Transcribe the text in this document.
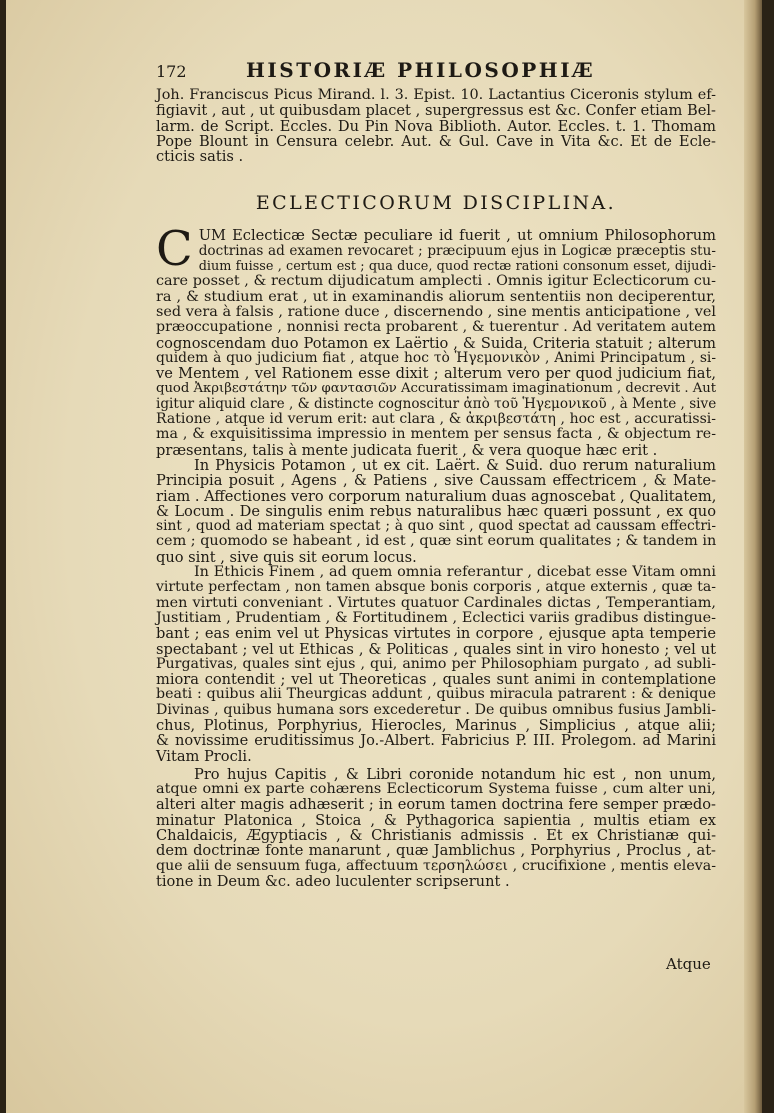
172	HISTORIÆ PHILOSOPHIÆ
Joh. Franciscus Picus Mirand. l. 3. Epist. 10. Lactantius Ciceronis stylum ef-
figiavit , aut , ut quibusdam placet , supergressus est &c. Confer etiam Bel-
larm. de Script. Eccles. Du Pin Nova Biblioth. Autor. Eccles. t. 1. Thomam
Pope Blount in Censura celebr. Aut. & Gul. Cave in Vita &c. Et de Ecle-
cticis satis .
ECLECTICORUM DISCIPLINA.
C UM Eclecticæ Sectæ peculiare id fuerit , ut omnium Philosophorum
doctrinas ad examen revocaret ; præcipuum ejus in Logicæ præceptis stu-
dium fuisse , certum est ; qua duce, quod rectæ rationi consonum esset, dijudi-
care posset , & rectum dijudicatum amplecti . Omnis igitur Eclecticorum cu-
ra , & studium erat , ut in examinandis aliorum sententiis non deciperentur,
sed vera à falsis , ratione duce , discernendo , sine mentis anticipatione , vel
præoccupatione , nonnisi recta probarent , & tuerentur . Ad veritatem autem
cognoscendam duo Potamon ex Laërtio , & Suida, Criteria statuit ; alterum
quidem à quo judicium fiat , atque hoc τὸ Ἡγεμονικὸν , Animi Principatum , si-
ve Mentem , vel Rationem esse dixit ; alterum vero per quod judicium fiat,
quod Ἀκριβεστάτην τῶν φαντασιῶν Accuratissimam imaginationum , decrevit . Aut
igitur aliquid clare , & distincte cognoscitur ἀπὸ τοῦ Ἡγεμονικοῦ , à Mente , sive
Ratione , atque id verum erit: aut clara , & ἀκριβεστάτη , hoc est , accuratissi-
ma , & exquisitissima impressio in mentem per sensus facta , & objectum re-
præsentans, talis à mente judicata fuerit , & vera quoque hæc erit .
In Physicis Potamon , ut ex cit. Laërt. & Suid. duo rerum naturalium
Principia posuit , Agens , & Patiens , sive Caussam effectricem , & Mate-
riam . Affectiones vero corporum naturalium duas agnoscebat , Qualitatem,
& Locum . De singulis enim rebus naturalibus hæc quæri possunt , ex quo
sint , quod ad materiam spectat ; à quo sint , quod spectat ad caussam effectri-
cem ; quomodo se habeant , id est , quæ sint eorum qualitates ; & tandem in
quo sint , sive quis sit eorum locus.
In Ethicis Finem , ad quem omnia referantur , dicebat esse Vitam omni
virtute perfectam , non tamen absque bonis corporis , atque externis , quæ ta-
men virtuti conveniant . Virtutes quatuor Cardinales dictas , Temperantiam,
Justitiam , Prudentiam , & Fortitudinem , Eclectici variis gradibus distingue-
bant ; eas enim vel ut Physicas virtutes in corpore , ejusque apta temperie
spectabant ; vel ut Ethicas , & Politicas , quales sint in viro honesto ; vel ut
Purgativas, quales sint ejus , qui, animo per Philosophiam purgato , ad subli-
miora contendit ; vel ut Theoreticas , quales sunt animi in contemplatione
beati : quibus alii Theurgicas addunt , quibus miracula patrarent : & denique
Divinas , quibus humana sors excederetur . De quibus omnibus fusius Jambli-
chus, Plotinus, Porphyrius, Hierocles, Marinus , Simplicius , atque alii;
& novissime eruditissimus Jo.-Albert. Fabricius P. III. Prolegom. ad Marini
Vitam Procli.
Pro hujus Capitis , & Libri coronide notandum hic est , non unum,
atque omni ex parte cohærens Eclecticorum Systema fuisse , cum alter uni,
alteri alter magis adhæserit ; in eorum tamen doctrina fere semper prædo-
minatur Platonica , Stoica , & Pythagorica sapientia , multis etiam ex
Chaldaicis, Ægyptiacis , & Christianis admissis . Et ex Christianæ qui-
dem doctrinæ fonte manarunt , quæ Jamblichus , Porphyrius , Proclus , at-
que alii de sensuum fuga, affectuum τερσηλώσει , crucifixione , mentis eleva-
tione in Deum &c. adeo luculenter scripserunt .
Atque
